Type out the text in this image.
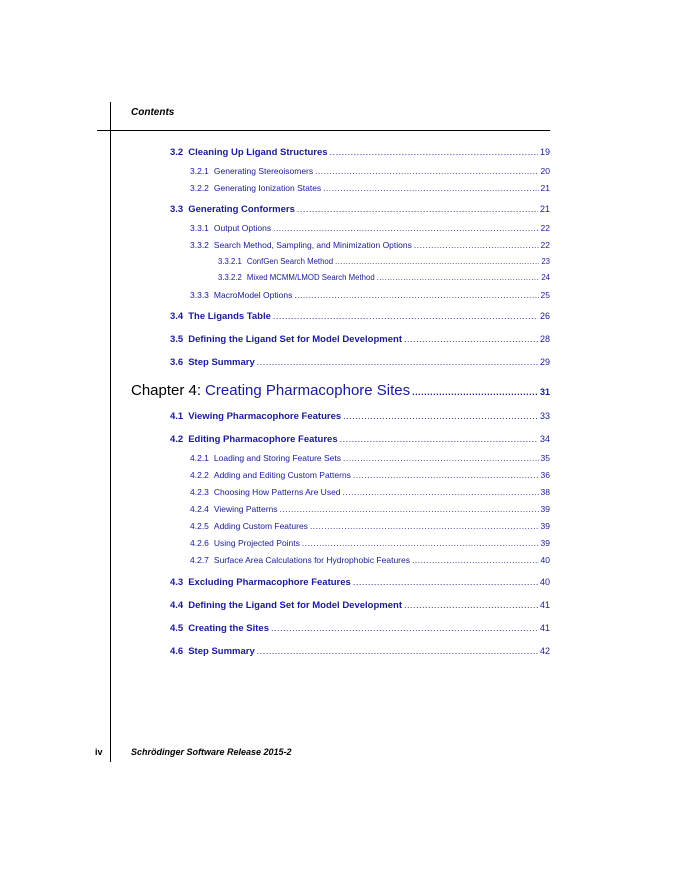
Contents
3.2 Cleaning Up Ligand Structures .....	19
3.2.1 Generating Stereoisomers .....	20
3.2.2 Generating Ionization States .....	21
3.3 Generating Conformers .....	21
3.3.1 Output Options .....	22
3.3.2 Search Method, Sampling, and Minimization Options .....	22
3.3.2.1 ConfGen Search Method .....	23
3.3.2.2 Mixed MCMM/LMOD Search Method .....	24
3.3.3 MacroModel Options .....	25
3.4 The Ligands Table .....	26
3.5 Defining the Ligand Set for Model Development .....	28
3.6 Step Summary .....	29
Chapter 4: Creating Pharmacophore Sites .....	31
4.1 Viewing Pharmacophore Features .....	33
4.2 Editing Pharmacophore Features .....	34
4.2.1 Loading and Storing Feature Sets .....	35
4.2.2 Adding and Editing Custom Patterns .....	36
4.2.3 Choosing How Patterns Are Used .....	38
4.2.4 Viewing Patterns .....	39
4.2.5 Adding Custom Features .....	39
4.2.6 Using Projected Points .....	39
4.2.7 Surface Area Calculations for Hydrophobic Features .....	40
4.3 Excluding Pharmacophore Features .....	40
4.4 Defining the Ligand Set for Model Development .....	41
4.5 Creating the Sites .....	41
4.6 Step Summary .....	42
iv	Schrödinger Software Release 2015-2
